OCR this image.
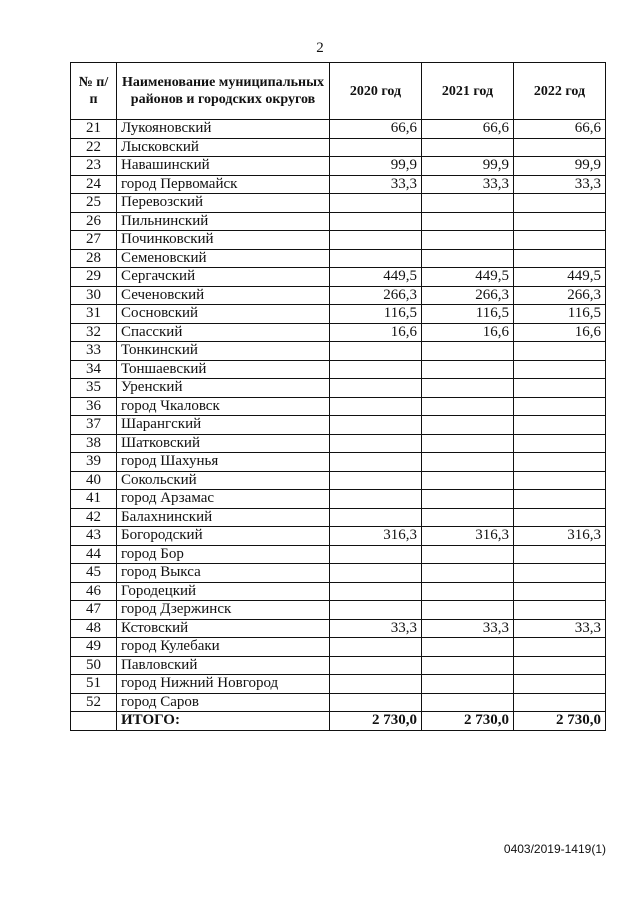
2
№ п/п	Наименование муниципальных районов и городских округов	2020 год	2021 год	2022 год
21	Лукояновский	66,6	66,6	66,6
22	Лысковский			
23	Навашинский	99,9	99,9	99,9
24	город Первомайск	33,3	33,3	33,3
25	Перевозский			
26	Пильнинский			
27	Починковский			
28	Семеновский			
29	Сергачский	449,5	449,5	449,5
30	Сеченовский	266,3	266,3	266,3
31	Сосновский	116,5	116,5	116,5
32	Спасский	16,6	16,6	16,6
33	Тонкинский			
34	Тоншаевский			
35	Уренский			
36	город Чкаловск			
37	Шарангский			
38	Шатковский			
39	город Шахунья			
40	Сокольский			
41	город Арзамас			
42	Балахнинский			
43	Богородский	316,3	316,3	316,3
44	город Бор			
45	город Выкса			
46	Городецкий			
47	город Дзержинск			
48	Кстовский	33,3	33,3	33,3
49	город Кулебаки			
50	Павловский			
51	город Нижний Новгород			
52	город Саров			
	ИТОГО:	2 730,0	2 730,0	2 730,0
0403/2019-1419(1)
